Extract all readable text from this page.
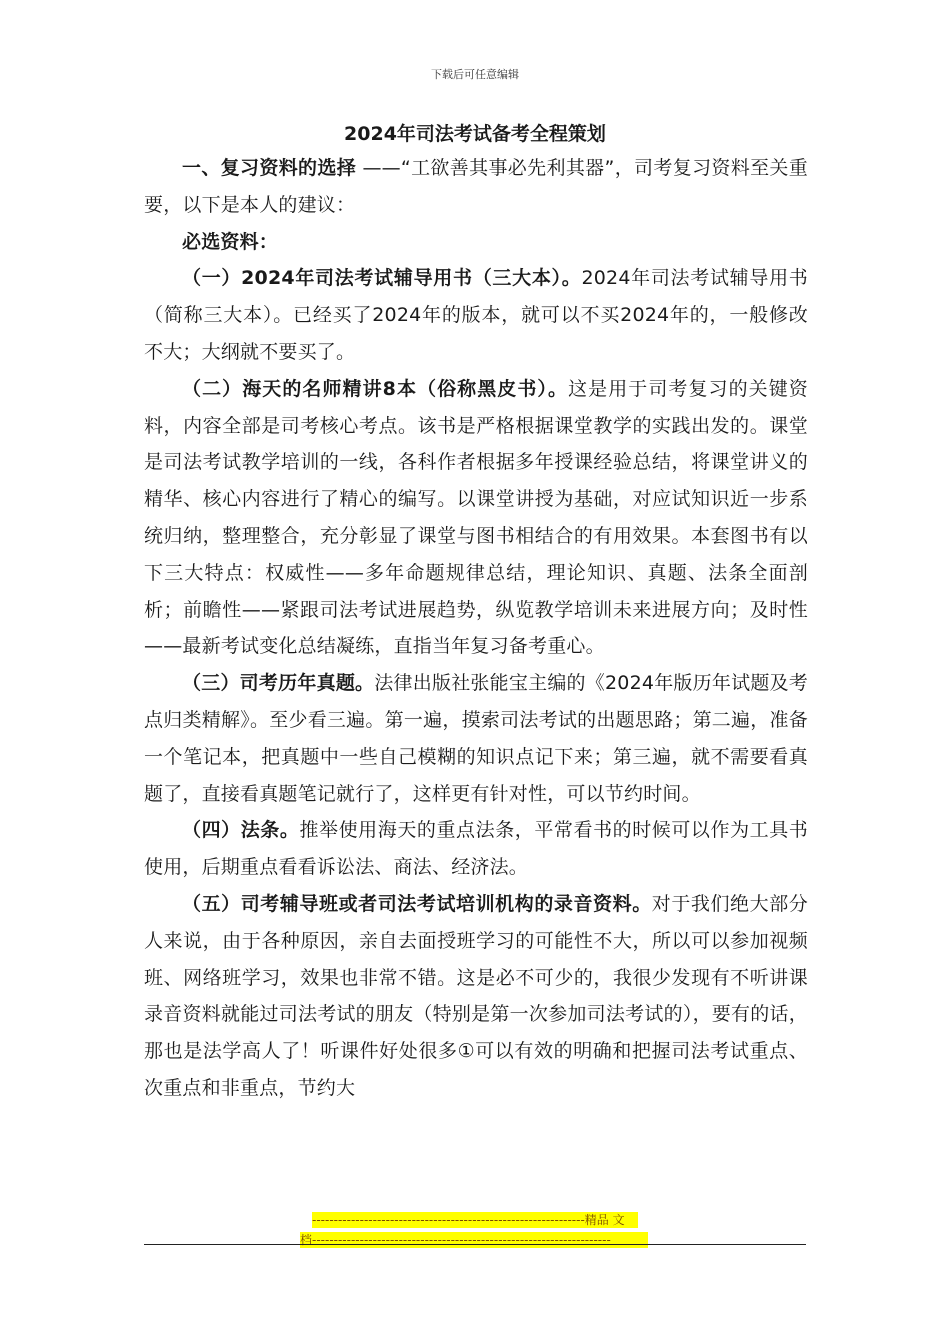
下载后可任意编辑
2024年司法考试备考全程策划

一、复习资料的选择 ——“工欲善其事必先利其器”，司考复习资料至关重要，以下是本人的建议：

必选资料：

（一）2024年司法考试辅导用书（三大本）。2024年司法考试辅导用书（简称三大本）。已经买了2024年的版本，就可以不买2024年的，一般修改不大；大纲就不要买了。

（二）海天的名师精讲8本（俗称黑皮书）。这是用于司考复习的关键资料，内容全部是司考核心考点。该书是严格根据课堂教学的实践出发的。课堂是司法考试教学培训的一线，各科作者根据多年授课经验总结，将课堂讲义的精华、核心内容进行了精心的编写。以课堂讲授为基础，对应试知识近一步系统归纳，整理整合，充分彰显了课堂与图书相结合的有用效果。本套图书有以下三大特点：权威性——多年命题规律总结，理论知识、真题、法条全面剖析；前瞻性——紧跟司法考试进展趋势，纵览教学培训未来进展方向；及时性——最新考试变化总结凝练，直指当年复习备考重心。

（三）司考历年真题。法律出版社张能宝主编的《2024年版历年试题及考点归类精解》。至少看三遍。第一遍，摸索司法考试的出题思路；第二遍，准备一个笔记本，把真题中一些自己模糊的知识点记下来；第三遍，就不需要看真题了，直接看真题笔记就行了，这样更有针对性，可以节约时间。

（四）法条。推举使用海天的重点法条，平常看书的时候可以作为工具书使用，后期重点看看诉讼法、商法、经济法。

（五）司考辅导班或者司法考试培训机构的录音资料。对于我们绝大部分人来说，由于各种原因，亲自去面授班学习的可能性不大，所以可以参加视频班、网络班学习，效果也非常不错。这是必不可少的，我很少发现有不听讲课录音资料就能过司法考试的朋友（特别是第一次参加司法考试的），要有的话，那也是法学高人了！听课件好处很多①可以有效的明确和把握司法考试重点、次重点和非重点，节约大

---------------------------------------------------------------精品 文
档---------------------------------------------------------------------
